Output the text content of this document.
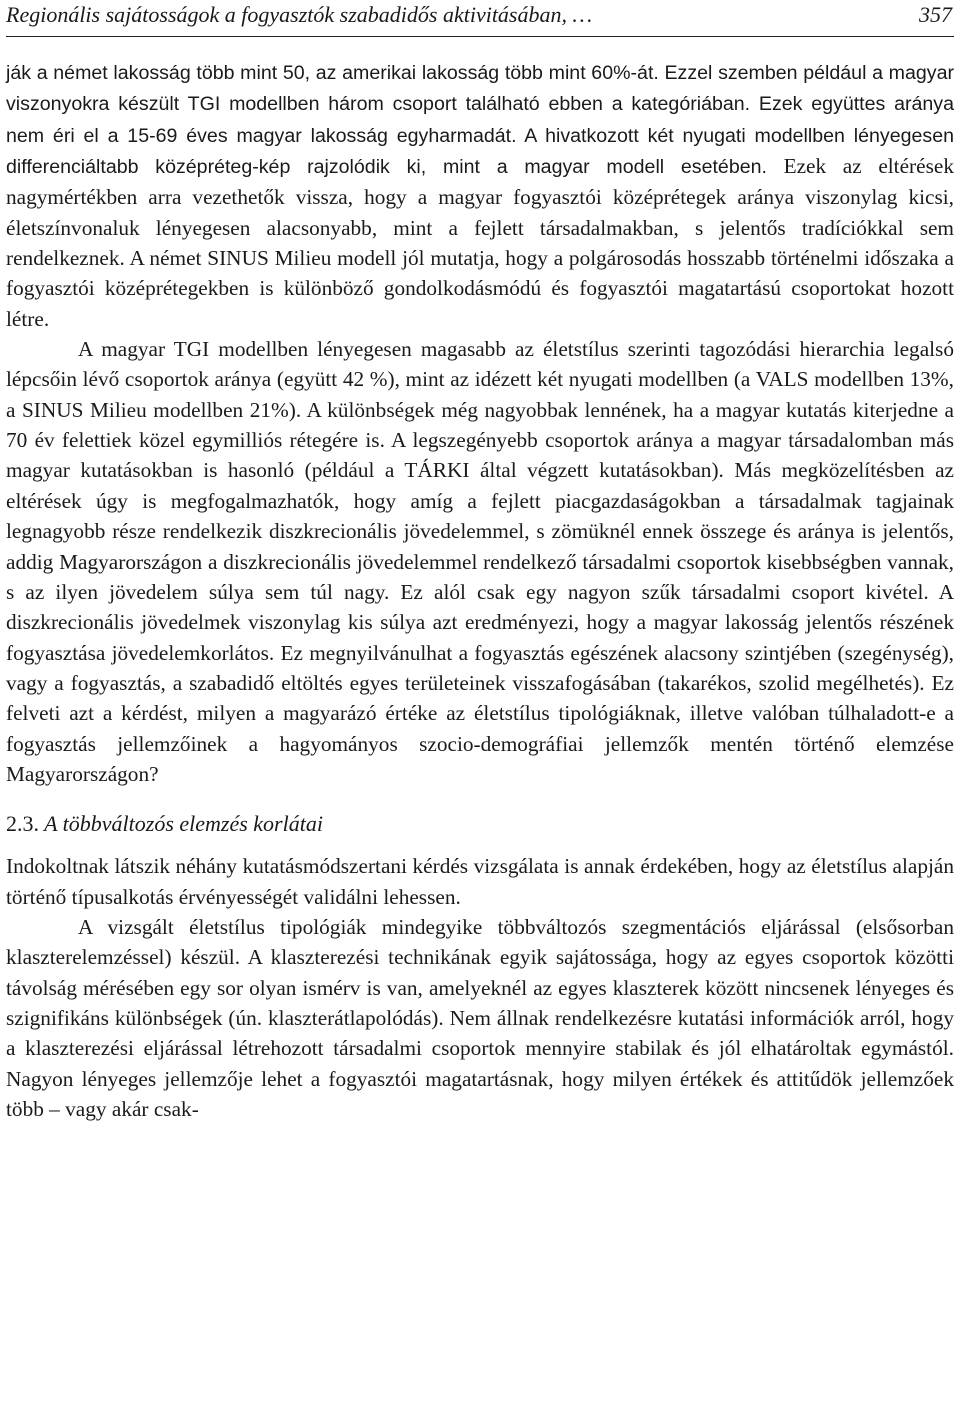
Regionális sajátosságok a fogyasztók szabadidős aktivitásában, …	357

ják a német lakosság több mint 50, az amerikai lakosság több mint 60%-át. Ezzel szemben például a magyar viszonyokra készült TGI modellben három csoport található ebben a kategóriában. Ezek együttes aránya nem éri el a 15-69 éves magyar lakosság egyharmadát. A hivatkozott két nyugati modellben lényegesen differenciáltabb középréteg-kép rajzolódik ki, mint a magyar modell esetében. Ezek az eltérések nagymértékben arra vezethetők vissza, hogy a magyar fogyasztói középrétegek aránya viszonylag kicsi, életszínvonaluk lényegesen alacsonyabb, mint a fejlett társadalmakban, s jelentős tradíciókkal sem rendelkeznek. A német SINUS Milieu modell jól mutatja, hogy a polgárosodás hosszabb történelmi időszaka a fogyasztói középrétegekben is különböző gondolkodásmódú és fogyasztói magatartású csoportokat hozott létre.

A magyar TGI modellben lényegesen magasabb az életstílus szerinti tagozódási hierarchia legalsó lépcsőin lévő csoportok aránya (együtt 42 %), mint az idézett két nyugati modellben (a VALS modellben 13%, a SINUS Milieu modellben 21%). A különbségek még nagyobbak lennének, ha a magyar kutatás kiterjedne a 70 év felettiek közel egymilliós rétegére is. A legszegényebb csoportok aránya a magyar társadalomban más magyar kutatásokban is hasonló (például a TÁRKI által végzett kutatásokban). Más megközelítésben az eltérések úgy is megfogalmazhatók, hogy amíg a fejlett piacgazdaságokban a társadalmak tagjainak legnagyobb része rendelkezik diszkrecionális jövedelemmel, s zömüknél ennek összege és aránya is jelentős, addig Magyarországon a diszkrecionális jövedelemmel rendelkező társadalmi csoportok kisebbségben vannak, s az ilyen jövedelem súlya sem túl nagy. Ez alól csak egy nagyon szűk társadalmi csoport kivétel. A diszkrecionális jövedelmek viszonylag kis súlya azt eredményezi, hogy a magyar lakosság jelentős részének fogyasztása jövedelemkorlátos. Ez megnyilvánulhat a fogyasztás egészének alacsony szintjében (szegénység), vagy a fogyasztás, a szabadidő eltöltés egyes területeinek visszafogásában (takarékos, szolid megélhetés). Ez felveti azt a kérdést, milyen a magyarázó értéke az életstílus tipológiáknak, illetve valóban túlhaladott-e a fogyasztás jellemzőinek a hagyományos szocio-demográfiai jellemzők mentén történő elemzése Magyarországon?

2.3. A többváltozós elemzés korlátai

Indokoltnak látszik néhány kutatásmódszertani kérdés vizsgálata is annak érdekében, hogy az életstílus alapján történő típusalkotás érvényességét validálni lehessen.

A vizsgált életstílus tipológiák mindegyike többváltozós szegmentációs eljárással (elsősorban klaszterelemzéssel) készül. A klaszterezési technikának egyik sajátossága, hogy az egyes csoportok közötti távolság mérésében egy sor olyan ismérv is van, amelyeknél az egyes klaszterek között nincsenek lényeges és szignifikáns különbségek (ún. klaszterátlapolódás). Nem állnak rendelkezésre kutatási információk arról, hogy a klaszterezési eljárással létrehozott társadalmi csoportok mennyire stabilak és jól elhatároltak egymástól. Nagyon lényeges jellemzője lehet a fogyasztói magatartásnak, hogy milyen értékek és attitűdök jellemzőek több – vagy akár csak-
